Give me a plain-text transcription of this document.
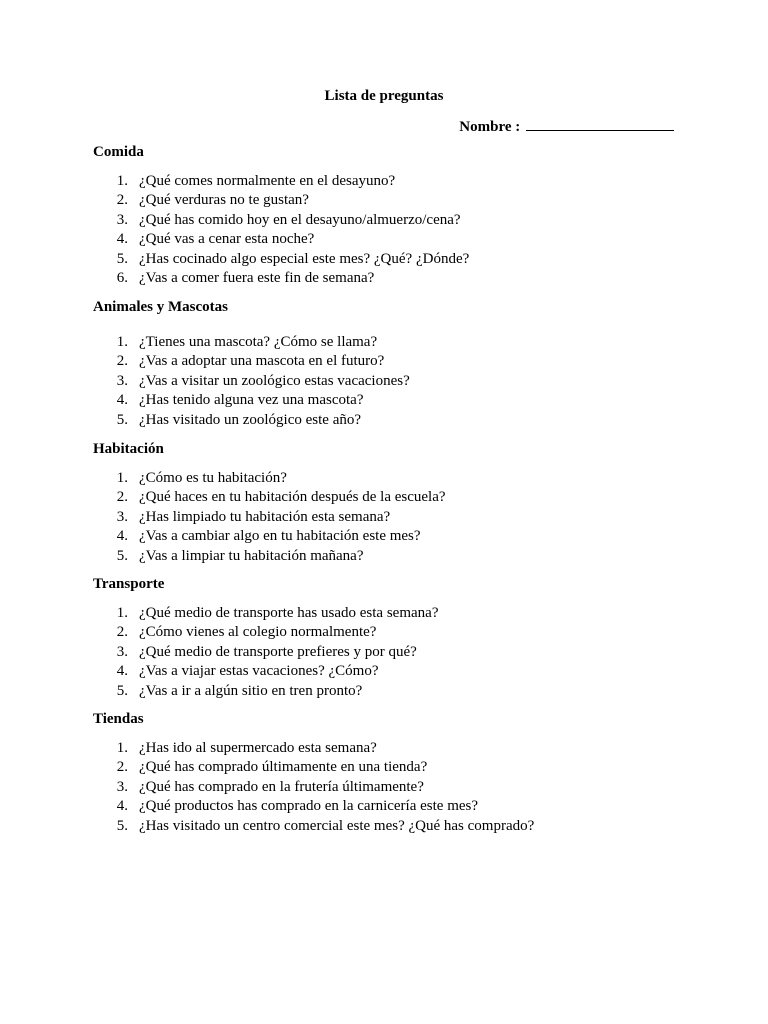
Lista de preguntas
Nombre :
Comida
1. ¿Qué comes normalmente en el desayuno?
2. ¿Qué verduras no te gustan?
3. ¿Qué has comido hoy en el desayuno/almuerzo/cena?
4. ¿Qué vas a cenar esta noche?
5. ¿Has cocinado algo especial este mes? ¿Qué? ¿Dónde?
6. ¿Vas a comer fuera este fin de semana?
Animales y Mascotas
1. ¿Tienes una mascota? ¿Cómo se llama?
2. ¿Vas a adoptar una mascota en el futuro?
3. ¿Vas a visitar un zoológico estas vacaciones?
4. ¿Has tenido alguna vez una mascota?
5. ¿Has visitado un zoológico este año?
Habitación
1. ¿Cómo es tu habitación?
2. ¿Qué haces en tu habitación después de la escuela?
3. ¿Has limpiado tu habitación esta semana?
4. ¿Vas a cambiar algo en tu habitación este mes?
5. ¿Vas a limpiar tu habitación mañana?
Transporte
1. ¿Qué medio de transporte has usado esta semana?
2. ¿Cómo vienes al colegio normalmente?
3. ¿Qué medio de transporte prefieres y por qué?
4. ¿Vas a viajar estas vacaciones? ¿Cómo?
5. ¿Vas a ir a algún sitio en tren pronto?
Tiendas
1. ¿Has ido al supermercado esta semana?
2. ¿Qué has comprado últimamente en una tienda?
3. ¿Qué has comprado en la frutería últimamente?
4. ¿Qué productos has comprado en la carnicería este mes?
5. ¿Has visitado un centro comercial este mes? ¿Qué has comprado?
